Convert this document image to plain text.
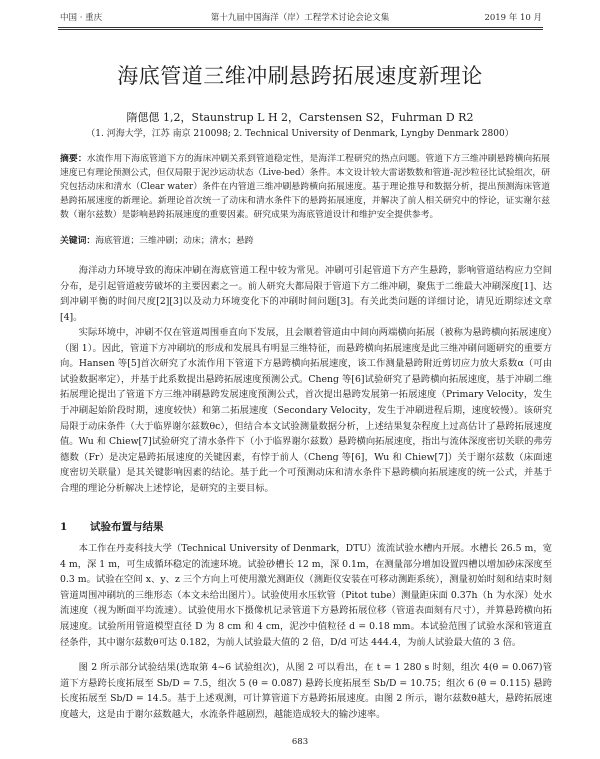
中国 · 重庆	第十九届中国海洋（岸）工程学术讨论会论文集	2019 年 10 月
海底管道三维冲刷悬跨拓展速度新理论
隋偲偲 1,2，Staunstrup L H 2，Carstensen S2，Fuhrman D R2
（1. 河海大学，江苏 南京 210098; 2. Technical University of Denmark, Lyngby Denmark 2800）
摘要：水流作用下海底管道下方的海床冲刷关系到管道稳定性，是海洋工程研究的热点问题。管道下方三维冲刷悬跨横向拓展速度已有理论预测公式，但仅局限于泥沙运动状态（Live-bed）条件。本文设计较大雷诺数数和管道-泥沙粒径比试验组次，研究包括动床和清水（Clear water）条件在内管道三维冲刷悬跨横向拓展速度。基于理论推导和数据分析，提出预测海床管道悬跨拓展速度的新理论。新理论首次统一了动床和清水条件下的悬跨拓展速度，并解决了前人相关研究中的悖论，证实谢尔兹数（谢尔兹数）是影响悬跨拓展速度的重要因素。研究成果为海底管道设计和维护安全提供参考。
关键词：海底管道；三维冲刷；动床；清水；悬跨

海洋动力环境导致的海床冲刷在海底管道工程中较为常见。冲刷可引起管道下方产生悬跨，影响管道结构应力空间分布，是引起管道疲劳破坏的主要因素之一。前人研究大都局限于管道下方二维冲刷，聚焦于二维最大冲刷深度[1]、达到冲刷平衡的时间尺度[2][3]以及动力环境变化下的冲刷时间问题[3]。有关此类问题的详细讨论，请见近期综述文章[4]。

实际环境中，冲刷不仅在管道周围垂直向下发展，且会顺着管道由中间向两端横向拓展（被称为悬跨横向拓展速度）（图 1）。因此，管道下方冲刷坑的形成和发展具有明显三维特征，而悬跨横向拓展速度是此三维冲刷问题研究的重要方向。Hansen 等[5]首次研究了水流作用下管道下方悬跨横向拓展速度，该工作测量悬跨附近剪切应力放大系数α（可由试验数据率定），并基于此系数提出悬跨拓展速度预测公式。Cheng 等[6]试验研究了悬跨横向拓展速度，基于冲刷二维拓展理论提出了管道下方三维冲刷悬跨发展速度预测公式，首次提出悬跨发展第一拓展速度（Primary Velocity，发生于冲刷起始阶段时期，速度较快）和第二拓展速度（Secondary Velocity，发生于冲刷进程后期，速度较慢）。该研究局限于动床条件（大于临界谢尔兹数θc），但结合本文试验测量数据分析，上述结果复杂程度上过高估计了悬跨拓展速度值。Wu 和 Chiew[7]试验研究了清水条件下（小于临界谢尔兹数）悬跨横向拓展速度，指出与流体深度密切关联的弗劳德数（Fr）是决定悬跨拓展速度的关键因素，有悖于前人（Cheng 等[6]，Wu 和 Chiew[7]）关于谢尔兹数（床面速度密切关联量）是其关键影响因素的结论。基于此一个可预测动床和清水条件下悬跨横向拓展速度的统一公式，并基于合理的理论分析解决上述悖论，是研究的主要目标。

1 试验布置与结果

本工作在丹麦科技大学（Technical University of Denmark，DTU）流流试验水槽内开展。水槽长 26.5 m，宽 4 m，深 1 m，可生成循环稳定的流速环境。试验砂槽长 12 m，深 0.1m，在测量部分增加设置四槽以增加砂床深度至 0.3 m。试验在空间 x、y、z 三个方向上可使用激光测距仪（测距仪安装在可移动测距系统），测量初始时刻和结束时刻管道周围冲刷坑的三维形态（本文未给出图片）。试验使用水压软管（Pitot tube）测量距床面 0.37h（h 为水深）处水流速度（视为断面平均流速）。试验使用水下摄像机记录管道下方悬跨拓展位移（管道表面刻有尺寸），并算悬跨横向拓展速度。试验所用管道模型直径 D 为 8 cm 和 4 cm，泥沙中值粒径 d = 0.18 mm。本试验范围了试验水深和管道直径条件，其中谢尔兹数θ可达 0.182，为前人试验最大值的 2 倍，D/d 可达 444.4，为前人试验最大值的 3 倍。

图 2 所示部分试验结果(选取第 4~6 试验组次)，从图 2 可以看出，在 t = 1 280 s 时刻，组次 4(θ = 0.067)管道下方悬跨长度拓展至 Sb/D = 7.5，组次 5 (θ = 0.087) 悬跨长度拓展至 Sb/D = 10.75；组次 6 (θ = 0.115) 悬跨长度拓展至 Sb/D = 14.5。基于上述观测，可计算管道下方悬跨拓展速度。由图 2 所示，谢尔兹数θ越大，悬跨拓展速度越大，这是由于谢尔兹数越大，水流条件越剧烈，越能造成较大的输沙速率。

683
